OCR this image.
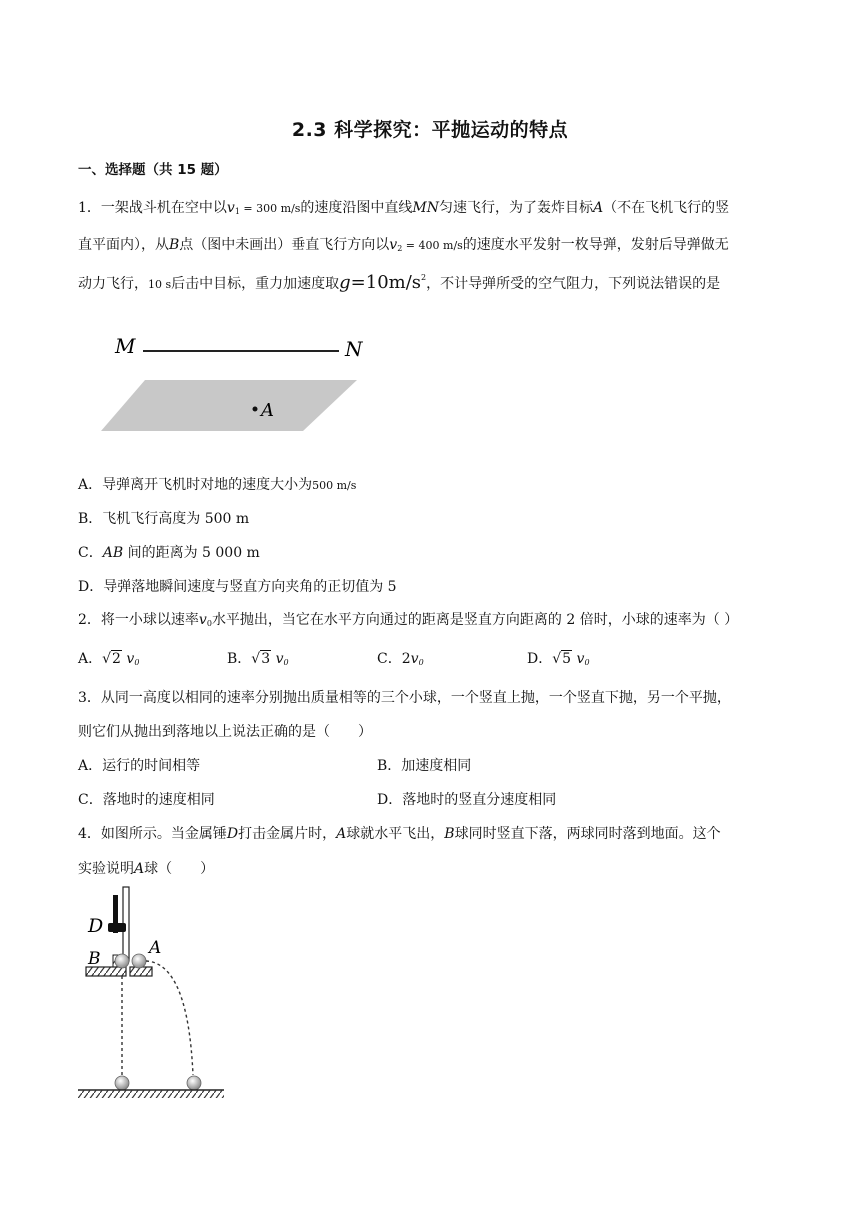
2.3 科学探究：平抛运动的特点
一、选择题（共 15 题）
1．一架战斗机在空中以$v_1 = 300$ m/s的速度沿图中直线MN匀速飞行，为了轰炸目标A（不在飞机飞行的竖
直平面内），从B点（图中未画出）垂直飞行方向以$v_2 = 400$ m/s的速度水平发射一枚导弹，发射后导弹做无
动力飞行，10 s后击中目标，重力加速度取$g=10m/s^2$，不计导弹所受的空气阻力，下列说法错误的是
M	N
A
A．导弹离开飞机时对地的速度大小为500 m/s
B．飞机飞行高度为 500 m
C．AB 间的距离为 5 000 m
D．导弹落地瞬间速度与竖直方向夹角的正切值为 5
2．将一小球以速率$v_0$水平抛出，当它在水平方向通过的距离是竖直方向距离的 2 倍时，小球的速率为（ ）
A．√2 $v_0$	B．√3 $v_0$	C．$2v_0$	D．√5 $v_0$
3．从同一高度以相同的速率分别抛出质量相等的三个小球，一个竖直上抛，一个竖直下抛，另一个平抛，
则它们从抛出到落地以上说法正确的是（　　）
A．运行的时间相等	B．加速度相同
C．落地时的速度相同	D．落地时的竖直分速度相同
4．如图所示。当金属锤D打击金属片时，A球就水平飞出，B球同时竖直下落，两球同时落到地面。这个
实验说明A球（　　）
D
B
A
